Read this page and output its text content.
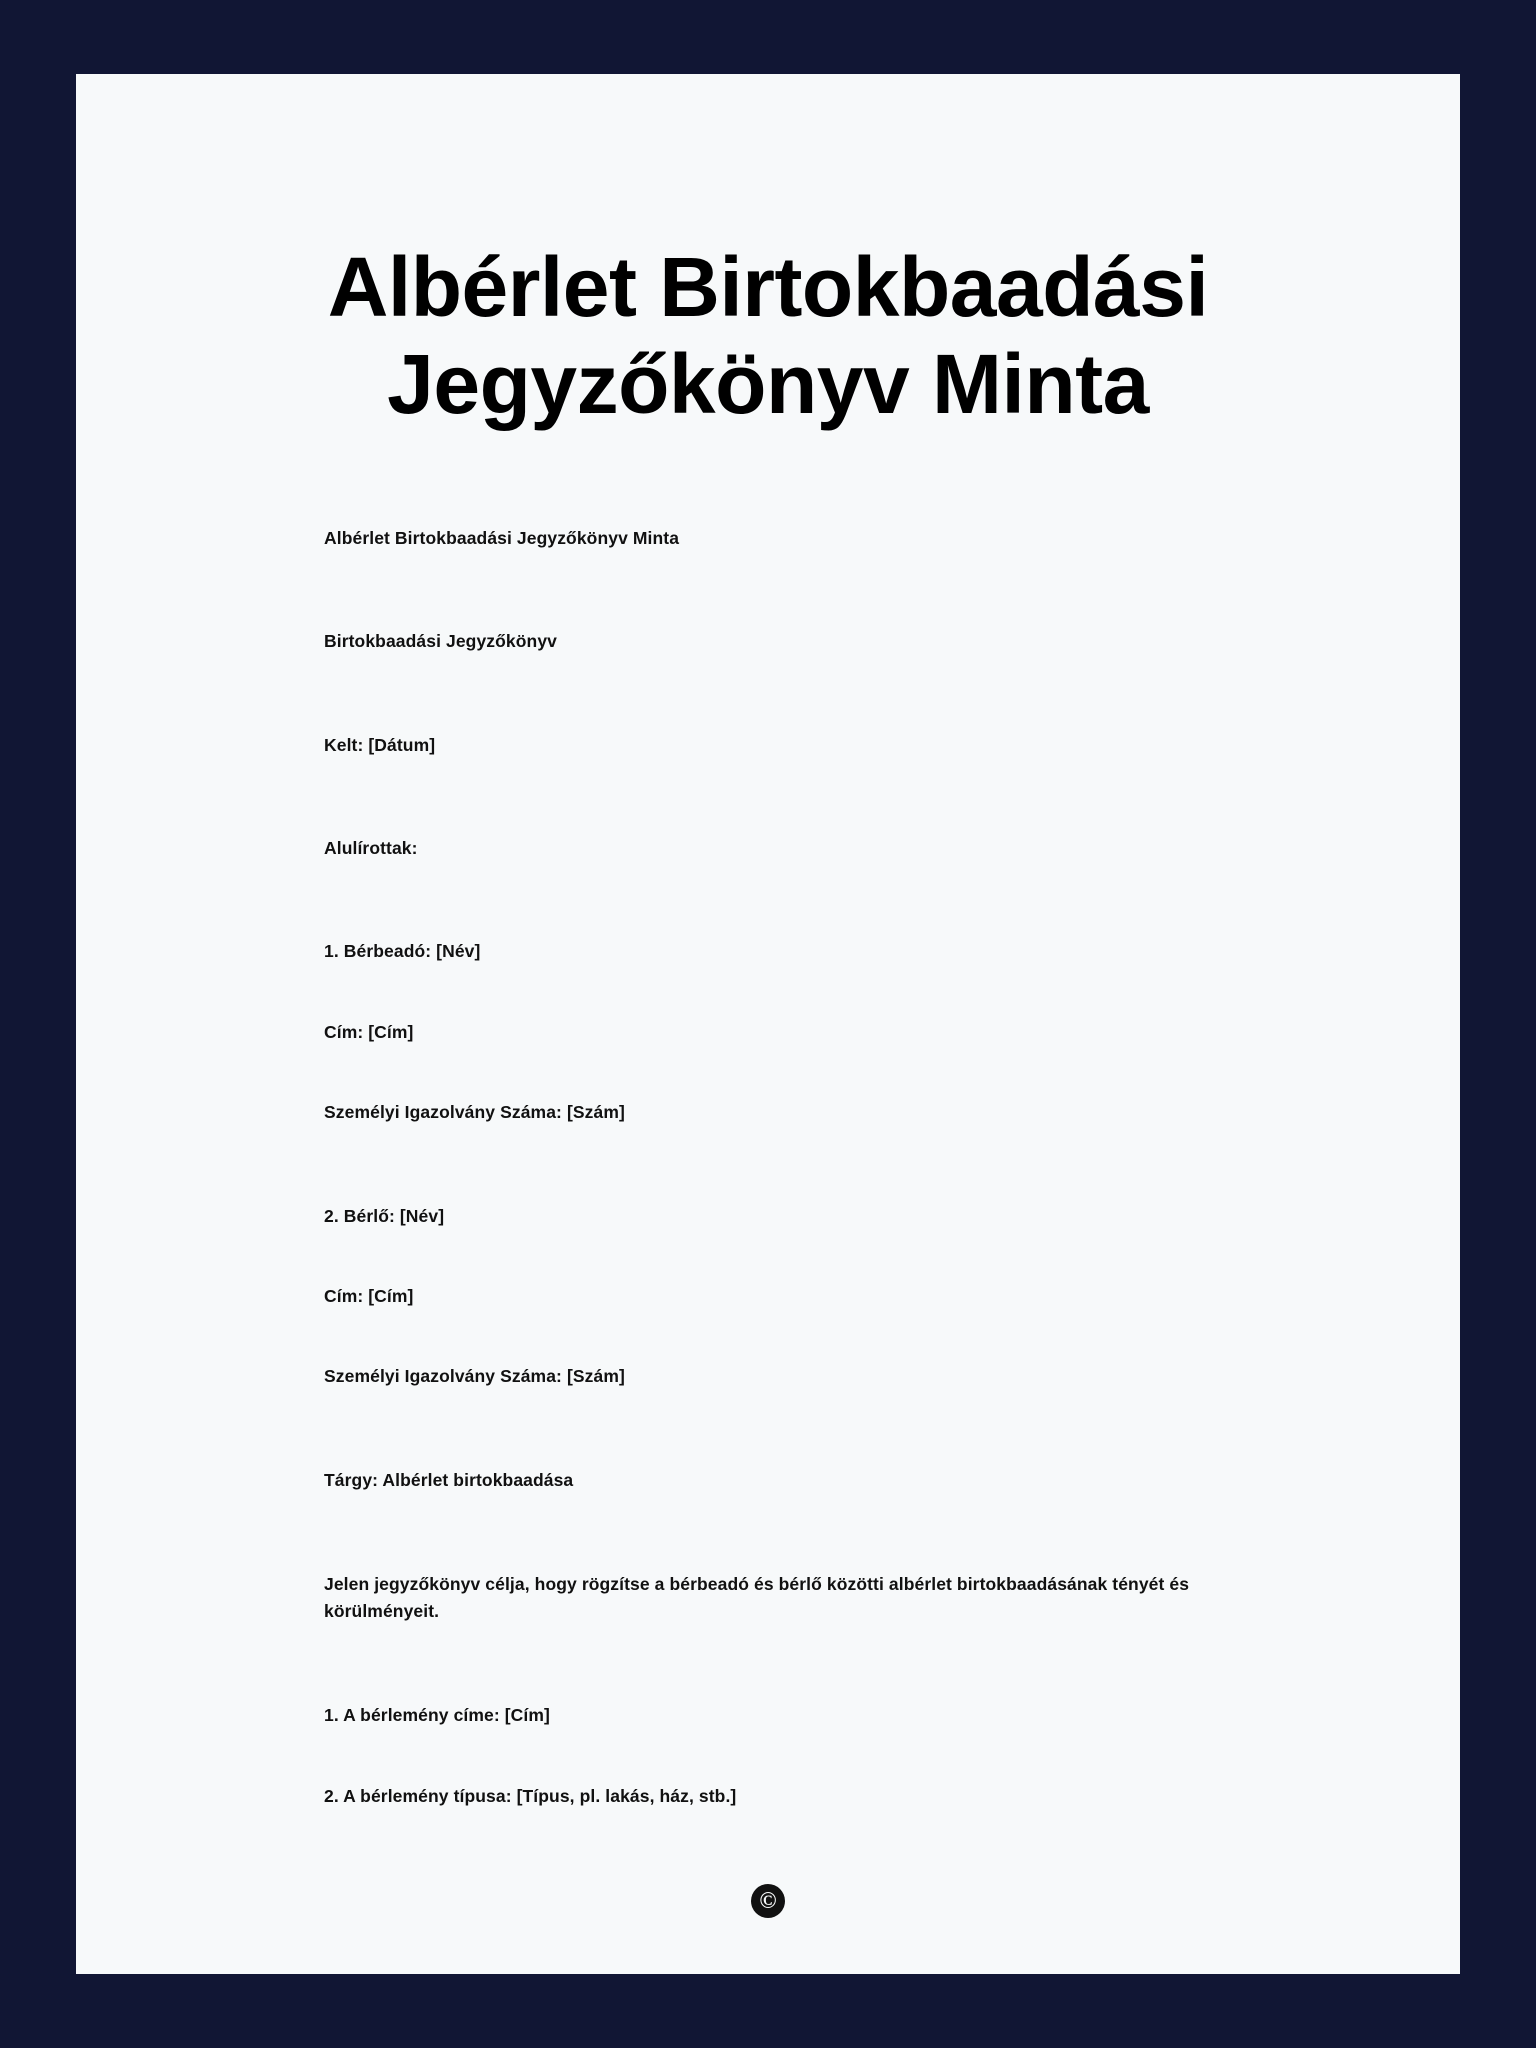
Albérlet Birtokbaadási Jegyzőkönyv Minta

Albérlet Birtokbaadási Jegyzőkönyv Minta

Birtokbaadási Jegyzőkönyv

Kelt: [Dátum]

Alulírottak:

1. Bérbeadó: [Név]

Cím: [Cím]

Személyi Igazolvány Száma: [Szám]

2. Bérlő: [Név]

Cím: [Cím]

Személyi Igazolvány Száma: [Szám]

Tárgy: Albérlet birtokbaadása

Jelen jegyzőkönyv célja, hogy rögzítse a bérbeadó és bérlő közötti albérlet birtokbaadásának tényét és körülményeit.

1. A bérlemény címe: [Cím]

2. A bérlemény típusa: [Típus, pl. lakás, ház, stb.]

©
